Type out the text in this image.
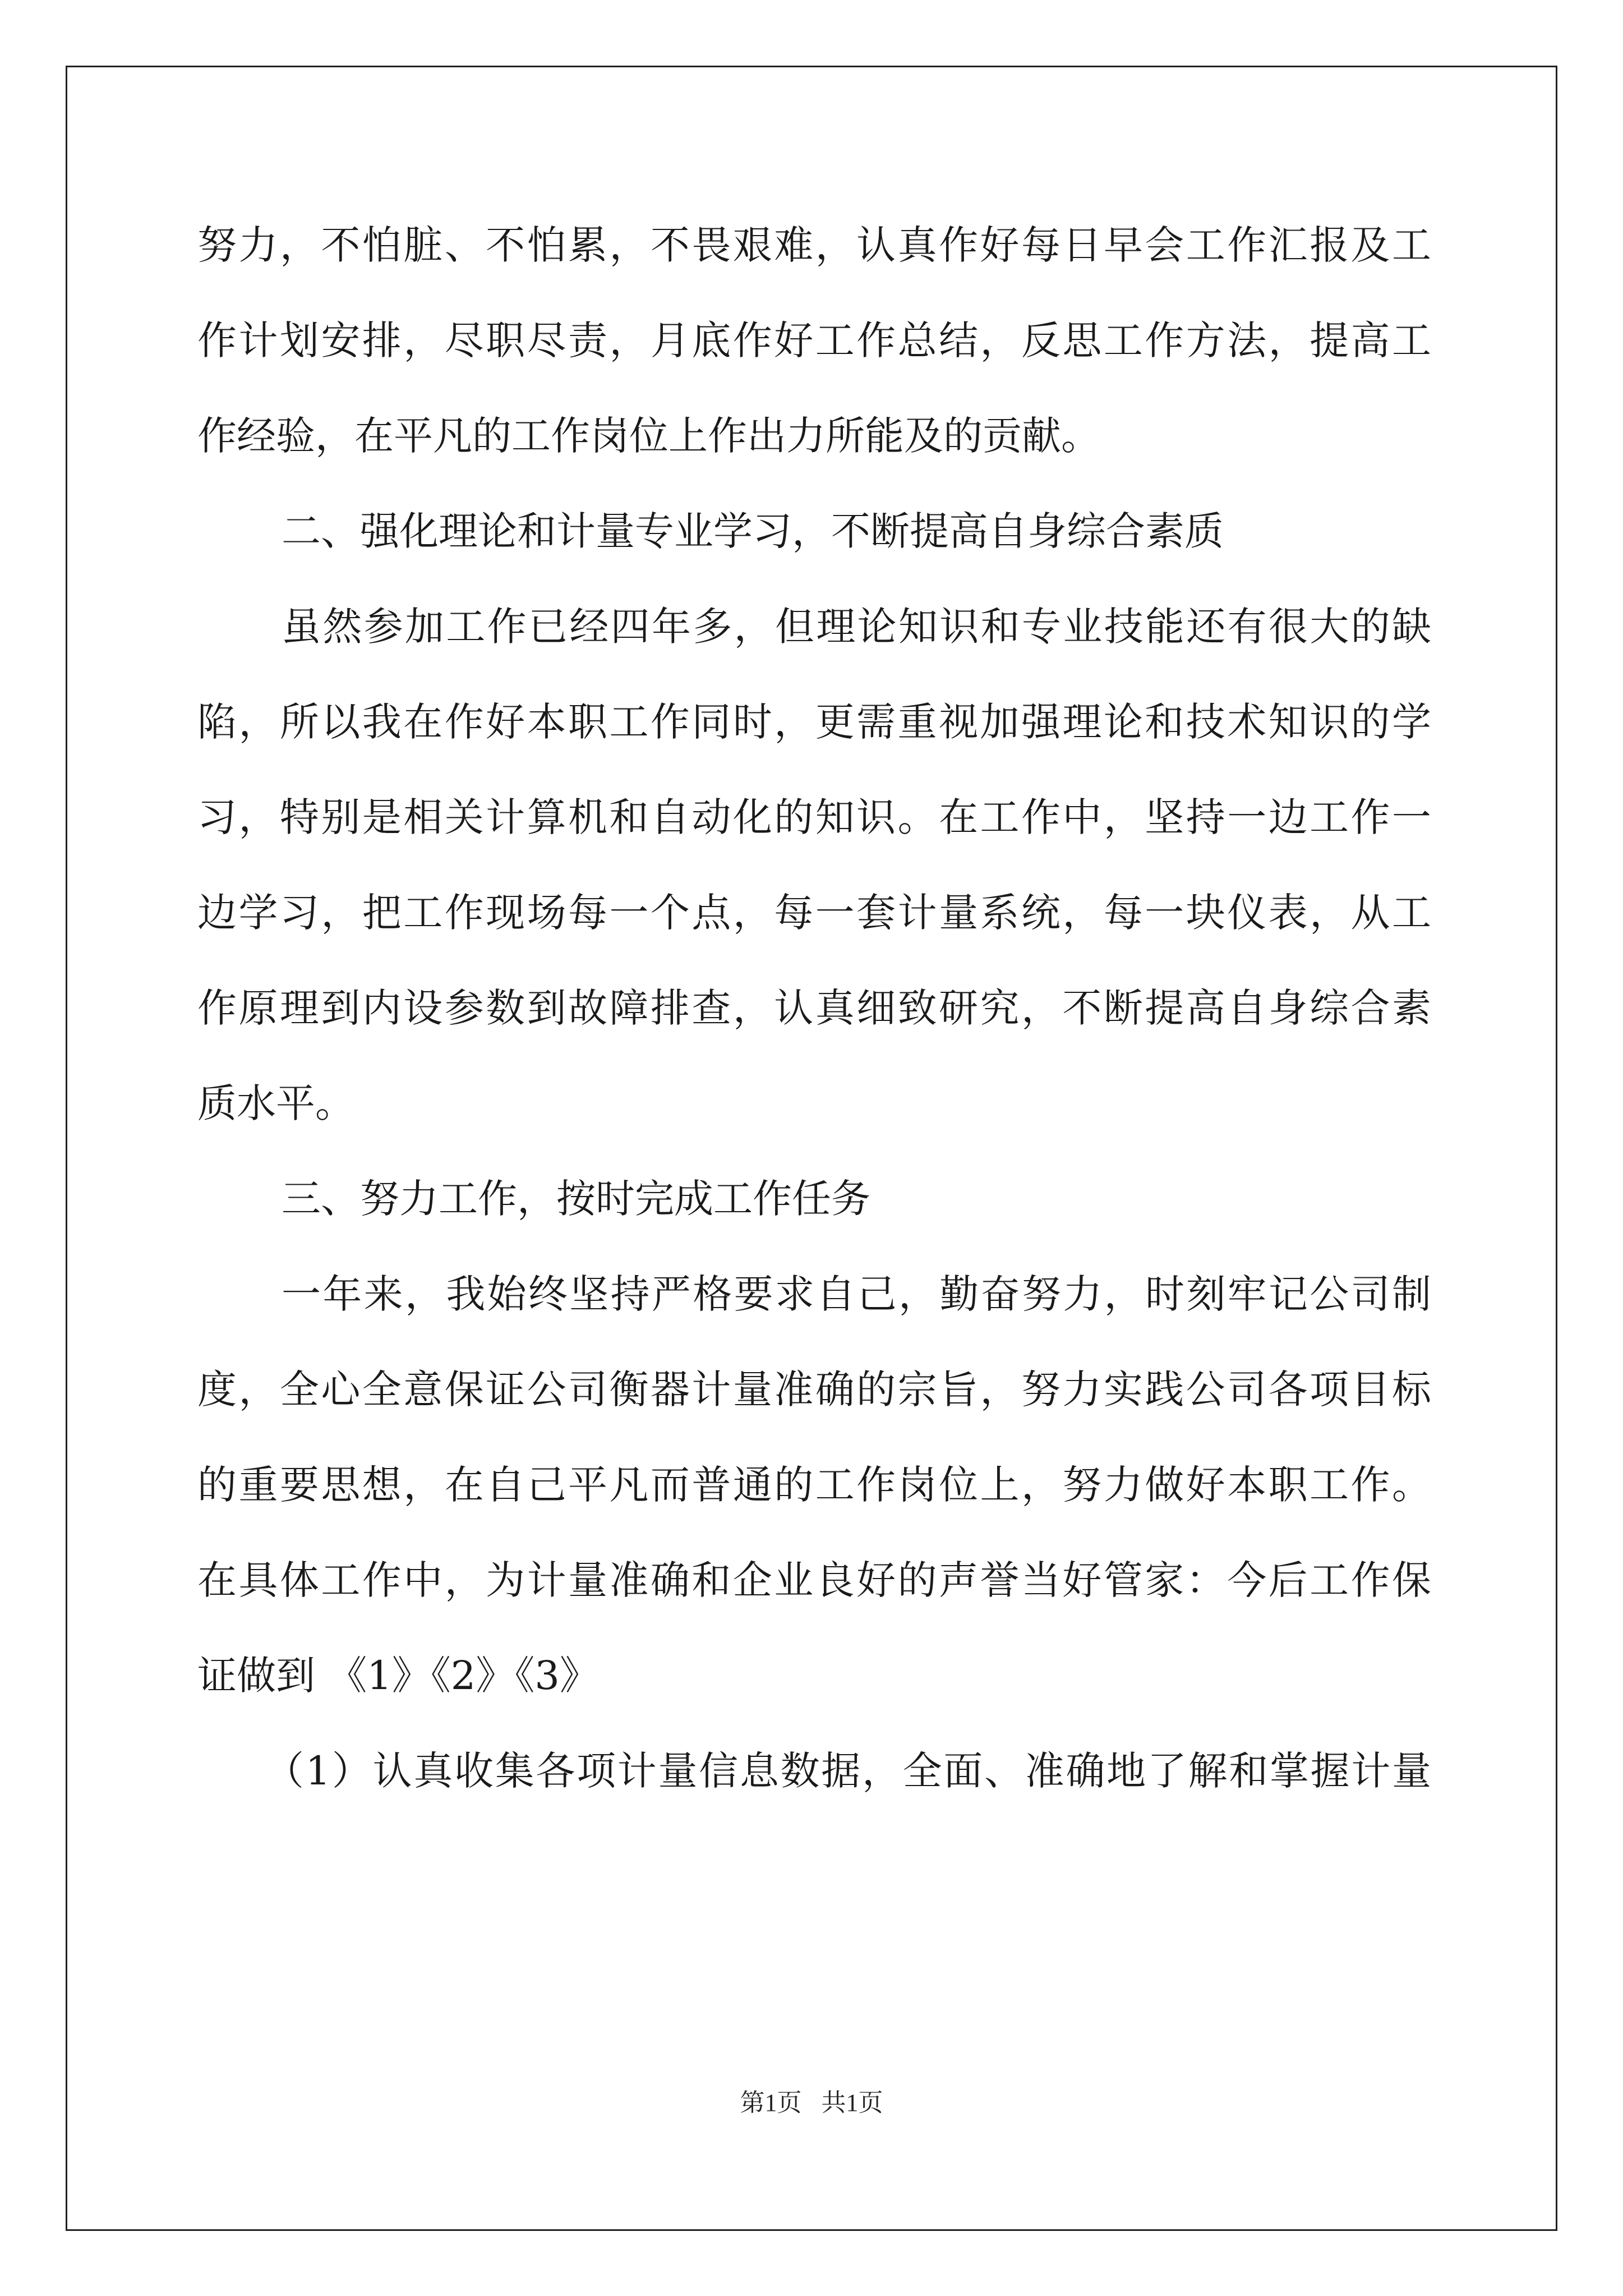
努力，不怕脏、不怕累，不畏艰难，认真作好每日早会工作汇报及工
作计划安排，尽职尽责，月底作好工作总结，反思工作方法，提高工
作经验，在平凡的工作岗位上作出力所能及的贡献。
二、强化理论和计量专业学习，不断提高自身综合素质
虽然参加工作已经四年多，但理论知识和专业技能还有很大的缺
陷，所以我在作好本职工作同时，更需重视加强理论和技术知识的学
习，特别是相关计算机和自动化的知识。在工作中，坚持一边工作一
边学习，把工作现场每一个点，每一套计量系统，每一块仪表，从工
作原理到内设参数到故障排查，认真细致研究，不断提高自身综合素
质水平。
三、努力工作，按时完成工作任务
一年来，我始终坚持严格要求自己，勤奋努力，时刻牢记公司制
度，全心全意保证公司衡器计量准确的宗旨，努力实践公司各项目标
的重要思想，在自己平凡而普通的工作岗位上，努力做好本职工作。
在具体工作中，为计量准确和企业良好的声誉当好管家：今后工作保
证做到 《1》《2》《3》
（1）认真收集各项计量信息数据，全面、准确地了解和掌握计量
第1页 共1页
